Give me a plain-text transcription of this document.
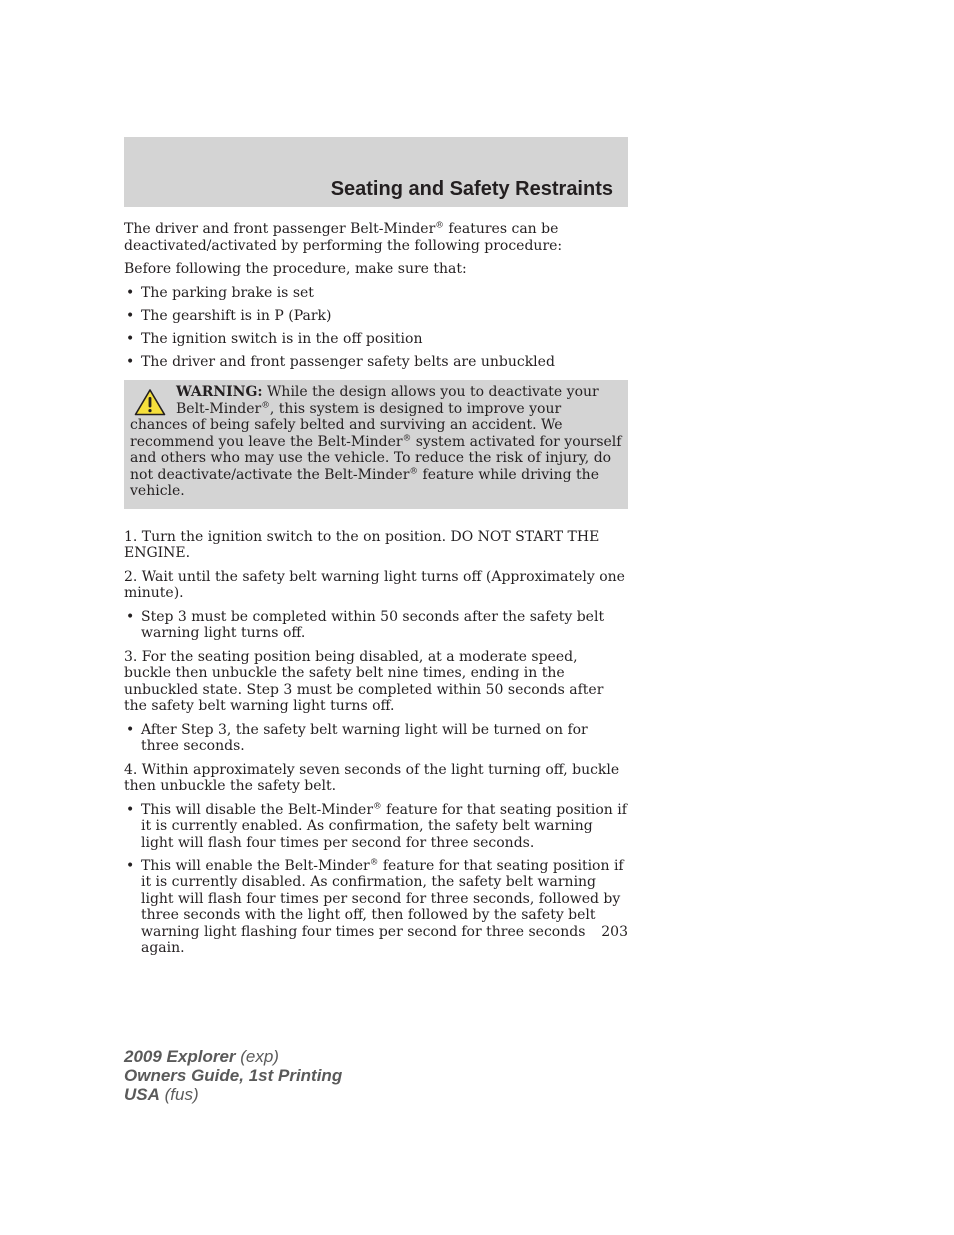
Seating and Safety Restraints

The driver and front passenger Belt-Minder® features can be deactivated/activated by performing the following procedure:

Before following the procedure, make sure that:

• The parking brake is set
• The gearshift is in P (Park)
• The ignition switch is in the off position
• The driver and front passenger safety belts are unbuckled
WARNING: While the design allows you to deactivate your Belt-Minder®, this system is designed to improve your chances of being safely belted and surviving an accident. We recommend you leave the Belt-Minder® system activated for yourself and others who may use the vehicle. To reduce the risk of injury, do not deactivate/activate the Belt-Minder® feature while driving the vehicle.

1. Turn the ignition switch to the on position. DO NOT START THE ENGINE.

2. Wait until the safety belt warning light turns off (Approximately one minute).

• Step 3 must be completed within 50 seconds after the safety belt warning light turns off.

3. For the seating position being disabled, at a moderate speed, buckle then unbuckle the safety belt nine times, ending in the unbuckled state. Step 3 must be completed within 50 seconds after the safety belt warning light turns off.

• After Step 3, the safety belt warning light will be turned on for three seconds.

4. Within approximately seven seconds of the light turning off, buckle then unbuckle the safety belt.

• This will disable the Belt-Minder® feature for that seating position if it is currently enabled. As confirmation, the safety belt warning light will flash four times per second for three seconds.
• This will enable the Belt-Minder® feature for that seating position if it is currently disabled. As confirmation, the safety belt warning light will flash four times per second for three seconds, followed by three seconds with the light off, then followed by the safety belt warning light flashing four times per second for three seconds again.
203
2009 Explorer (exp)
Owners Guide, 1st Printing
USA (fus)
